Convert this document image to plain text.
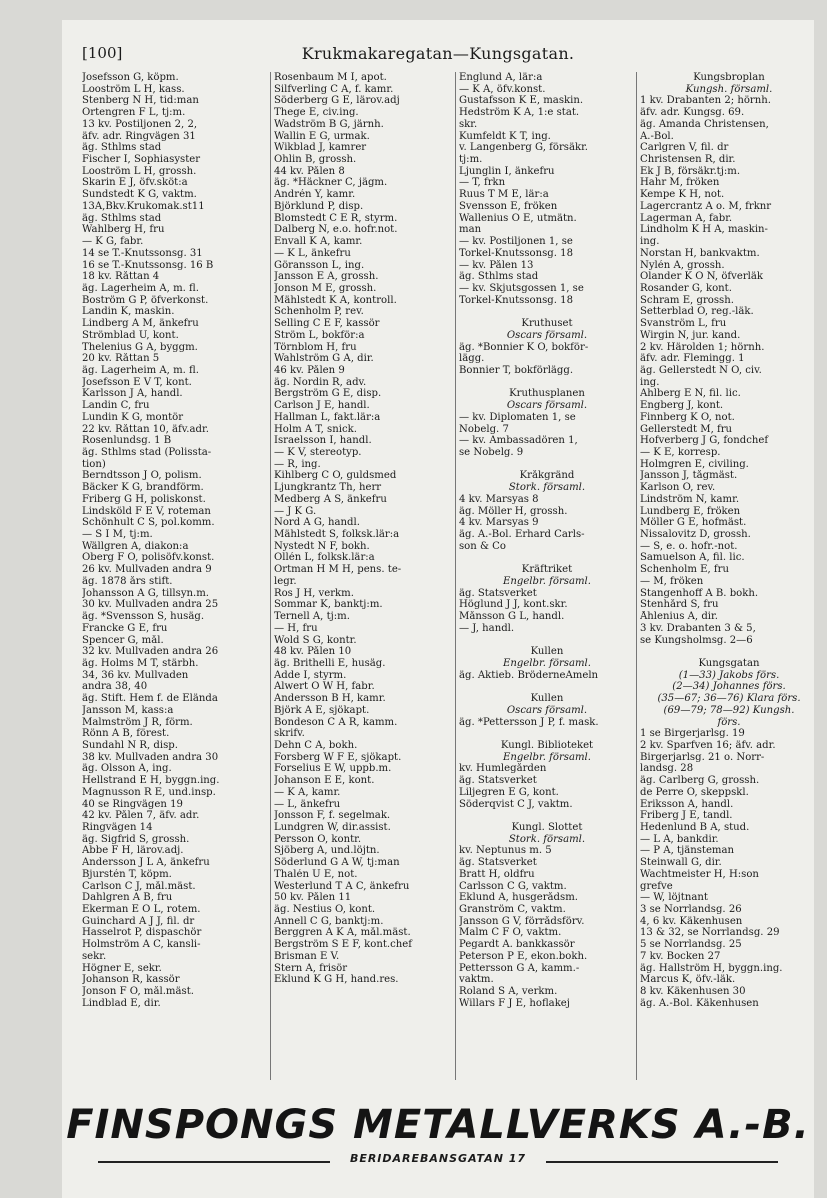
[100]	Krukmakaregatan—Kungsgatan.
Josefsson G, köpm.
Looström L H, kass.
Stenberg N H, tid:man
Örtengren F L, tj:m.
13 kv. Postiljonen 2, 2,
äfv. adr. Ringvägen 31
äg. Sthlms stad
Fischer I, Sophiasyster
Looström L H, grossh.
Skarin E J, öfv.sköt:a
Sundstedt K G, vaktm.
13A,Bkv.Krukomak.st11
äg. Sthlms stad
Wahlberg H, fru
— K G, fabr.
14 se T.-Knutssonsg. 31
16 se T.-Knutssonsg. 16 B
18 kv. Råttan 4
äg. Lagerheim A, m. fl.
Boström G P, öfverkonst.
Landin K, maskin.
Lindberg A M, änkefru
Strömblad U, kont.
Thelenius G A, byggm.
20 kv. Råttan 5
äg. Lagerheim A, m. fl.
Josefsson E V T, kont.
Karlsson J A, handl.
Landin C, fru
Lundin K G, montör
22 kv. Råttan 10, äfv.adr.
Rosenlundsg. 1 B
äg. Sthlms stad (Polissta-
tion)
Berndtsson J O, polism.
Bäcker K G, brandförm.
Friberg G H, poliskonst.
Lindsköld F E V, roteman
Schönhult C S, pol.komm.
— S I M, tj:m.
Wällgren A, diakon:a
Öberg F O, polisöfv.konst.
26 kv. Mullvaden andra 9
äg. 1878 års stift.
Johansson A G, tillsyn.m.
30 kv. Mullvaden andra 25
äg. *Svensson S, husäg.
Francke G E, fru
Spencer G, mål.
32 kv. Mullvaden andra 26
äg. Holms M T, stärbh.
34, 36 kv. Mullvaden
andra 38, 40
äg. Stift. Hem f. de Elända
Jansson M, kass:a
Malmström J R, förm.
Rönn A B, förest.
Sundahl N R, disp.
38 kv. Mullvaden andra 30
äg. Olsson A, ing.
Hellstrand E H, byggn.ing.
Magnusson R E, und.insp.
40 se Ringvägen 19
42 kv. Pålen 7, äfv. adr.
Ringvägen 14
äg. Sigfrid S, grossh.
Abbe F H, lärov.adj.
Andersson J L A, änkefru
Bjurstén T, köpm.
Carlson C J, mål.mäst.
Dahlgren A B, fru
Ekerman E O L, rotem.
Guinchard A J J, fil. dr
Hasselrot P, dispaschör
Holmström A C, kansli-
sekr.
Högner E, sekr.
Johanson R, kassör
Jonson F O, mål.mäst.
Lindblad E, dir.
Rosenbaum M I, apot.
Silfverling C A, f. kamr.
Söderberg G E, lärov.adj
Thege E, civ.ing.
Wadström B G, järnh.
Wallin E G, urmak.
Wikblad J, kamrer
Öhlin B, grossh.
44 kv. Pålen 8
äg. *Häckner C, jägm.
Andrén Y, kamr.
Björklund P, disp.
Blomstedt C E R, styrm.
Dalberg N, e.o. hofr.not.
Envall K A, kamr.
— K L, änkefru
Göransson L, ing.
Jansson E A, grossh.
Jonson M E, grossh.
Mählstedt K A, kontroll.
Schenholm P, rev.
Selling C E F, kassör
Ström L, bokför:a
Törnblom H, fru
Wahlström G A, dir.
46 kv. Pålen 9
äg. Nordin R, adv.
Bergström G E, disp.
Carlson J E, handl.
Hallman L, fakt.lär:a
Holm A T, snick.
Israelsson I, handl.
— K V, stereotyp.
— R, ing.
Kihlberg C O, guldsmed
Ljungkrantz Th, herr
Medberg A S, änkefru
— J K G.
Nord A G, handl.
Mählstedt S, folksk.lär:a
Nystedt N F, bokh.
Ollén L, folksk.lär:a
Ortman H M H, pens. te-
legr.
Ros J H, verkm.
Sommar K, banktj:m.
Ternell A, tj:m.
— H, fru
Wold S G, kontr.
48 kv. Pålen 10
äg. Brithelli E, husäg.
Adde I, styrm.
Alwert O W H, fabr.
Andersson B H, kamr.
Björk A E, sjökapt.
Bondeson C A R, kamm.
skrifv.
Dehn C A, bokh.
Forsberg W F E, sjökapt.
Forselius E W, uppb.m.
Johanson E E, kont.
— K A, kamr.
— L, änkefru
Jonsson F, f. segelmak.
Lundgren W, dir.assist.
Persson O, kontr.
Sjöberg A, und.löjtn.
Söderlund G A W, tj:man
Thalén U E, not.
Westerlund T A C, änkefru
50 kv. Pålen 11
äg. Nestius O, kont.
Annell C G, banktj:m.
Berggren A K A, mål.mäst.
Bergström S E F, kont.chef
Brisman E V.
Stern A, frisör
Eklund K G H, hand.res.
Englund A, lär:a
— K A, öfv.konst.
Gustafsson K E, maskin.
Hedström K A, 1:e stat.
skr.
Kumfeldt K T, ing.
v. Langenberg G, försäkr.
tj:m.
Ljunglin I, änkefru
— T, frkn
Ruus T M E, lär:a
Svensson E, fröken
Wallenius O E, utmätn.
man
— kv. Postiljonen 1, se
Torkel-Knutssonsg. 18
— kv. Pålen 13
äg. Sthlms stad
— kv. Skjutsgossen 1, se
Torkel-Knutssonsg. 18
Kruthuset
Oscars församl.
äg. *Bonnier K O, bokför-
lägg.
Bonnier T, bokförlägg.
Kruthusplanen
Oscars församl.
— kv. Diplomaten 1, se
Nobelg. 7
— kv. Ambassadören 1,
se Nobelg. 9
Kråkgränd
Stork. församl.
4 kv. Marsyas 8
äg. Möller H, grossh.
4 kv. Marsyas 9
äg. A.-Bol. Erhard Carls-
son & Co
Kräftriket
Engelbr. församl.
äg. Statsverket
Höglund J J, kont.skr.
Månsson G L, handl.
— J, handl.
Kullen
Engelbr. församl.
äg. Aktieb. BröderneAmeln
Kullen
Oscars församl.
äg. *Pettersson J P, f. mask.
Kungl. Biblioteket
Engelbr. församl.
kv. Humlegården
äg. Statsverket
Liljegren E G, kont.
Söderqvist C J, vaktm.
Kungl. Slottet
Stork. församl.
kv. Neptunus m. 5
äg. Statsverket
Bratt H, oldfru
Carlsson C G, vaktm.
Eklund A, husgerådsm.
Granström C, vaktm.
Jansson G V, förrådsförv.
Malm C F O, vaktm.
Pegardt A. bankkassör
Peterson P E, ekon.bokh.
Pettersson G A, kamm.-
vaktm.
Roland S A, verkm.
Willars F J E, hoflakej
Kungsbroplan
Kungsh. församl.
1 kv. Drabanten 2; hörnh.
äfv. adr. Kungsg. 69.
äg. Amanda Christensen,
A.-Bol.
Carlgren V, fil. dr
Christensen R, dir.
Ek J B, försäkr.tj:m.
Hahr M, fröken
Kempe K H, not.
Lagercrantz A o. M, frknr
Lagerman A, fabr.
Lindholm K H A, maskin-
ing.
Norstan H, bankvaktm.
Nylén A, grossh.
Olander K O N, öfverläk
Rosander G, kont.
Schram E, grossh.
Setterblad O, reg.-läk.
Svanström L, fru
Wirgin N, jur. kand.
2 kv. Härolden 1; hörnh.
äfv. adr. Flemingg. 1
äg. Gellerstedt N O, civ.
ing.
Ahlberg E N, fil. lic.
Engberg J, kont.
Finnberg K O, not.
Gellerstedt M, fru
Hofverberg J G, fondchef
— K E, korresp.
Holmgren E, civiling.
Jansson J, tågmäst.
Karlson O, rev.
Lindström N, kamr.
Lundberg E, fröken
Möller G E, hofmäst.
Nissalovitz D, grossh.
— S, e. o. hofr.-not.
Samuelson A, fil. lic.
Schenholm E, fru
— M, fröken
Stangenhoff A B. bokh.
Stenhård S, fru
Åhlenius A, dir.
3 kv. Drabanten 3 & 5,
se Kungsholmsg. 2—6
Kungsgatan
(1—33) Jakobs förs.
(2—34) Johannes förs.
(35—67; 36—76) Klara förs.
(69—79; 78—92) Kungsh.
förs.
1 se Birgerjarlsg. 19
2 kv. Sparfven 16; äfv. adr.
Birgerjarlsg. 21 o. Norr-
landsg. 28
äg. Carlberg G, grossh.
de Perre O, skeppskl.
Eriksson A, handl.
Friberg J E, tandl.
Hedenlund B A, stud.
— L A, bankdir.
— P A, tjänsteman
Steinwall G, dir.
Wachtmeister H, H:son
grefve
— W, löjtnant
3 se Norrlandsg. 26
4, 6 kv. Käkenhusen
13 & 32, se Norrlandsg. 29
5 se Norrlandsg. 25
7 kv. Bocken 27
äg. Hallström H, byggn.ing.
Marcus K, öfv.-läk.
8 kv. Käkenhusen 30
äg. A.-Bol. Käkenhusen
FINSPONGS METALLVERKS A.-B.
BERIDAREBANSGATAN 17
